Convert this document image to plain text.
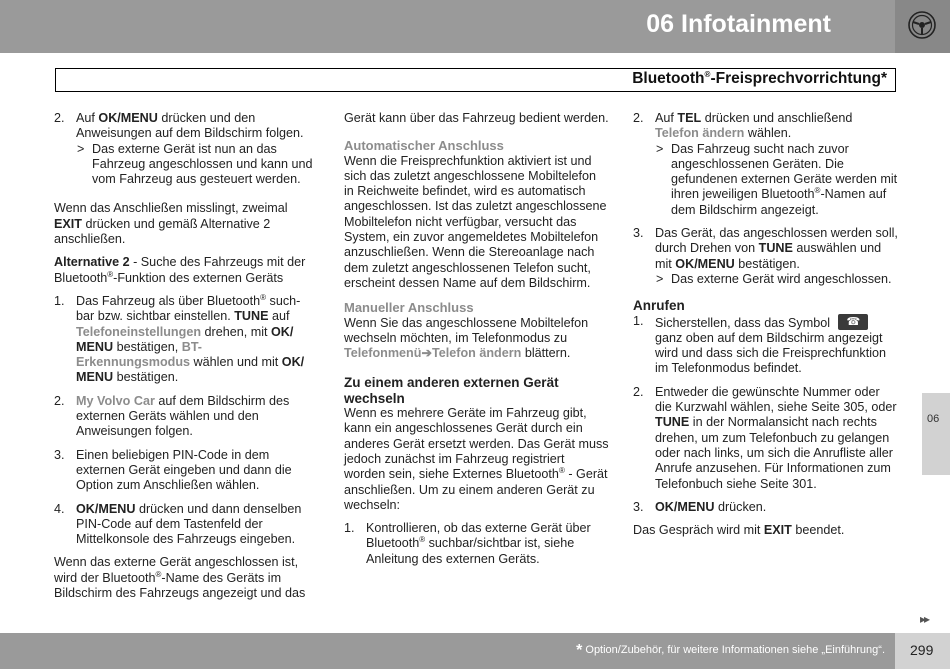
06 Infotainment
Bluetooth®-Freisprechvorrichtung*
2. Auf OK/MENU drücken und den Anweisungen auf dem Bildschirm folgen.

> Das externe Gerät ist nun an das Fahrzeug angeschlossen und kann und vom Fahrzeug aus gesteuert werden.

Wenn das Anschließen misslingt, zweimal EXIT drücken und gemäß Alternative 2 anschließen.

Alternative 2 - Suche des Fahrzeugs mit der Bluetooth®-Funktion des externen Geräts

1. Das Fahrzeug als über Bluetooth® such- bar bzw. sichtbar einstellen. TUNE auf Telefoneinstellungen drehen, mit OK/ MENU bestätigen, BT-Erkennungsmodus wählen und mit OK/ MENU bestätigen.

2. My Volvo Car auf dem Bildschirm des externen Geräts wählen und den Anweisungen folgen.

3. Einen beliebigen PIN-Code in dem externen Gerät eingeben und dann die Option zum Anschließen wählen.

4. OK/MENU drücken und dann denselben PIN-Code auf dem Tastenfeld der Mittelkonsole des Fahrzeugs eingeben.

Wenn das externe Gerät angeschlossen ist, wird der Bluetooth®-Name des Geräts im Bildschirm des Fahrzeugs angezeigt und das

Gerät kann über das Fahrzeug bedient werden.

Automatischer Anschluss

Wenn die Freisprechfunktion aktiviert ist und sich das zuletzt angeschlossene Mobiltelefon in Reichweite befindet, wird es automatisch angeschlossen. Ist das zuletzt angeschlossene Mobiltelefon nicht verfügbar, versucht das System, ein zuvor angemeldetes Mobiltelefon anzuschließen. Wenn die Stereoanlage nach dem zuletzt angeschlossenen Telefon sucht, erscheint dessen Name auf dem Bildschirm.

Manueller Anschluss

Wenn Sie das angeschlossene Mobiltelefon wechseln möchten, im Telefonmodus zu
Telefonmenü➔Telefon ändern blättern.

Zu einem anderen externen Gerät wechseln

Wenn es mehrere Geräte im Fahrzeug gibt, kann ein angeschlossenes Gerät durch ein anderes Gerät ersetzt werden. Das Gerät muss jedoch zunächst im Fahrzeug registriert worden sein, siehe Externes Bluetooth® - Gerät anschließen. Um zu einem anderen Gerät zu wechseln:

1. Kontrollieren, ob das externe Gerät über Bluetooth® suchbar/sichtbar ist, siehe Anleitung des externen Geräts.

2. Auf TEL drücken und anschließend Telefon ändern wählen.

> Das Fahrzeug sucht nach zuvor angeschlossenen Geräten. Die gefundenen externen Geräte werden mit ihren jeweiligen Bluetooth®-Namen auf dem Bildschirm angezeigt.

3. Das Gerät, das angeschlossen werden soll, durch Drehen von TUNE auswählen und mit OK/MENU bestätigen.

> Das externe Gerät wird angeschlossen.

Anrufen

1. Sicherstellen, dass das Symbol ☎ ganz oben auf dem Bildschirm angezeigt wird und dass sich die Freisprechfunktion im Telefonmodus befindet.

2. Entweder die gewünschte Nummer oder die Kurzwahl wählen, siehe Seite 305, oder TUNE in der Normalansicht nach rechts drehen, um zum Telefonbuch zu gelangen oder nach links, um sich die Anrufliste aller Anrufe anzusehen. Für Informationen zum Telefonbuch siehe Seite 301.

3. OK/MENU drücken.

Das Gespräch wird mit EXIT beendet.

06
▸▸
* Option/Zubehör, für weitere Informationen siehe „Einführung“. 299
